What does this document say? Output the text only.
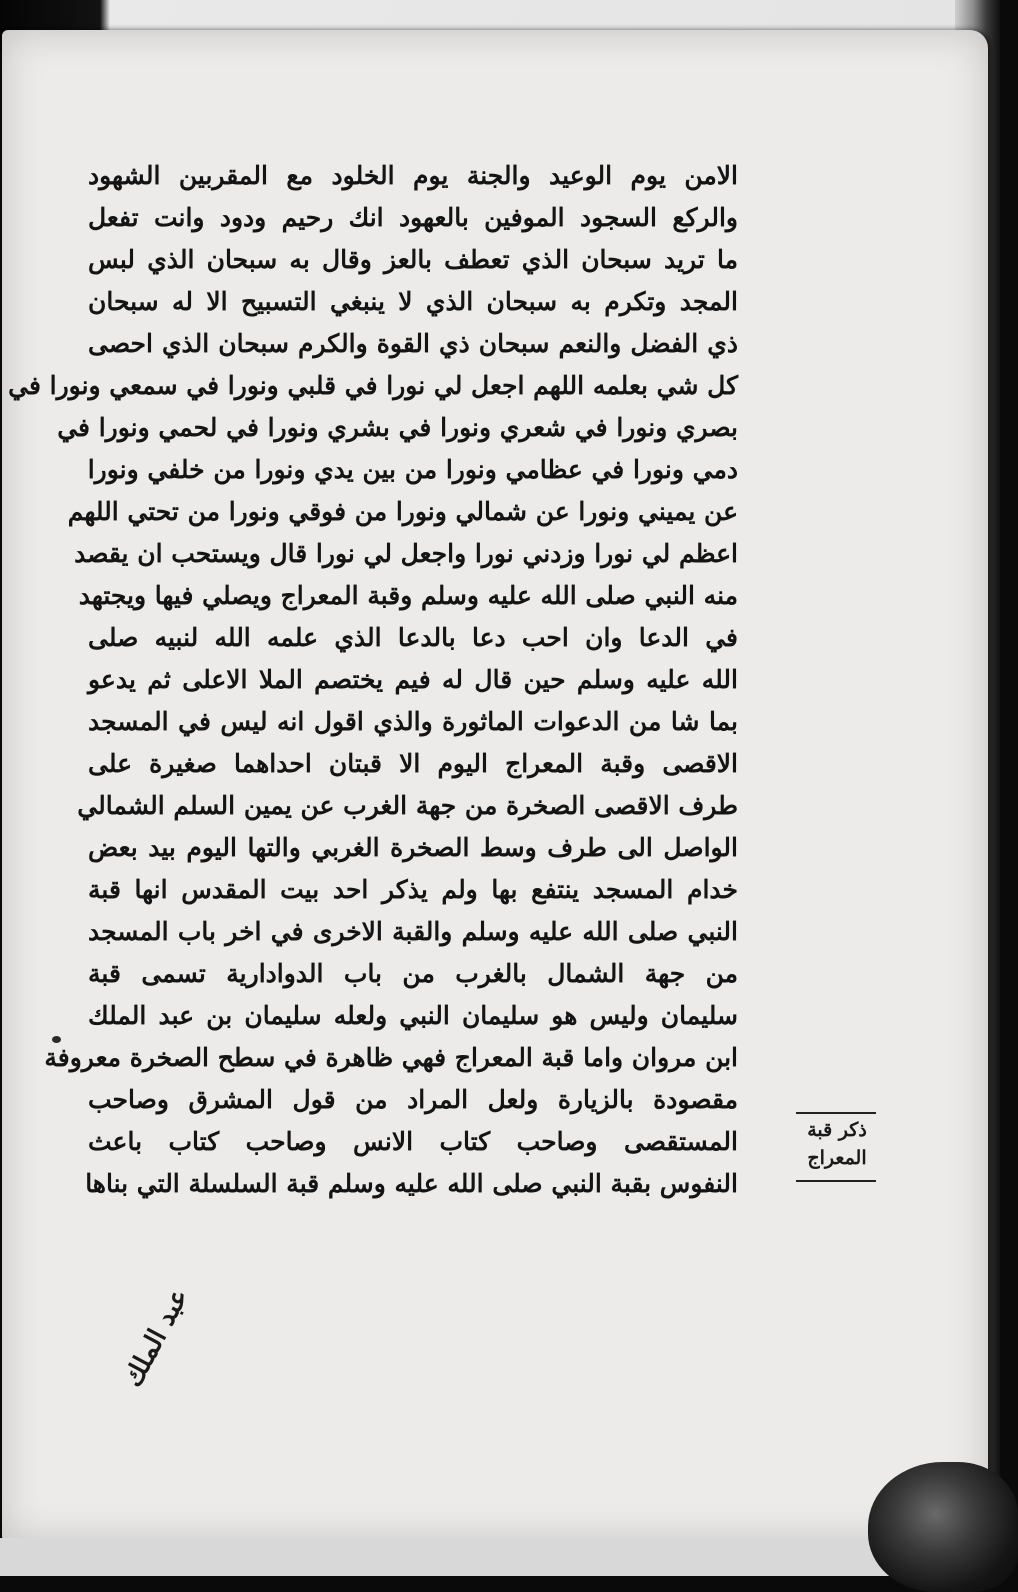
الامن يوم الوعيد والجنة يوم الخلود مع المقربين الشهود
والركع السجود الموفين بالعهود انك رحيم ودود وانت تفعل
ما تريد سبحان الذي تعطف بالعز وقال به سبحان الذي لبس
المجد وتكرم به سبحان الذي لا ينبغي التسبيح الا له سبحان
ذي الفضل والنعم سبحان ذي القوة والكرم سبحان الذي احصى
كل شي بعلمه اللهم اجعل لي نورا في قلبي ونورا في سمعي ونورا في
بصري ونورا في شعري ونورا في بشري ونورا في لحمي ونورا في
دمي ونورا في عظامي ونورا من بين يدي ونورا من خلفي ونورا
عن يميني ونورا عن شمالي ونورا من فوقي ونورا من تحتي اللهم
اعظم لي نورا وزدني نورا واجعل لي نورا قال ويستحب ان يقصد
منه النبي صلى الله عليه وسلم وقبة المعراج ويصلي فيها ويجتهد
في الدعا وان احب دعا بالدعا الذي علمه الله لنبيه صلى
الله عليه وسلم حين قال له فيم يختصم الملا الاعلى ثم يدعو
بما شا من الدعوات الماثورة والذي اقول انه ليس في المسجد
الاقصى وقبة المعراج اليوم الا قبتان احداهما صغيرة على
طرف الاقصى الصخرة من جهة الغرب عن يمين السلم الشمالي
الواصل الى طرف وسط الصخرة الغربي والتها اليوم بيد بعض
خدام المسجد ينتفع بها ولم يذكر احد بيت المقدس انها قبة
النبي صلى الله عليه وسلم والقبة الاخرى في اخر باب المسجد
من جهة الشمال بالغرب من باب الدوادارية تسمى قبة
سليمان وليس هو سليمان النبي ولعله سليمان بن عبد الملك
ابن مروان واما قبة المعراج فهي ظاهرة في سطح الصخرة معروفة
مقصودة بالزيارة ولعل المراد من قول المشرق وصاحب
المستقصى وصاحب كتاب الانس وصاحب كتاب باعث
النفوس بقبة النبي صلى الله عليه وسلم قبة السلسلة التي بناها
ذكر قبة
المعراج
عبد الملك
